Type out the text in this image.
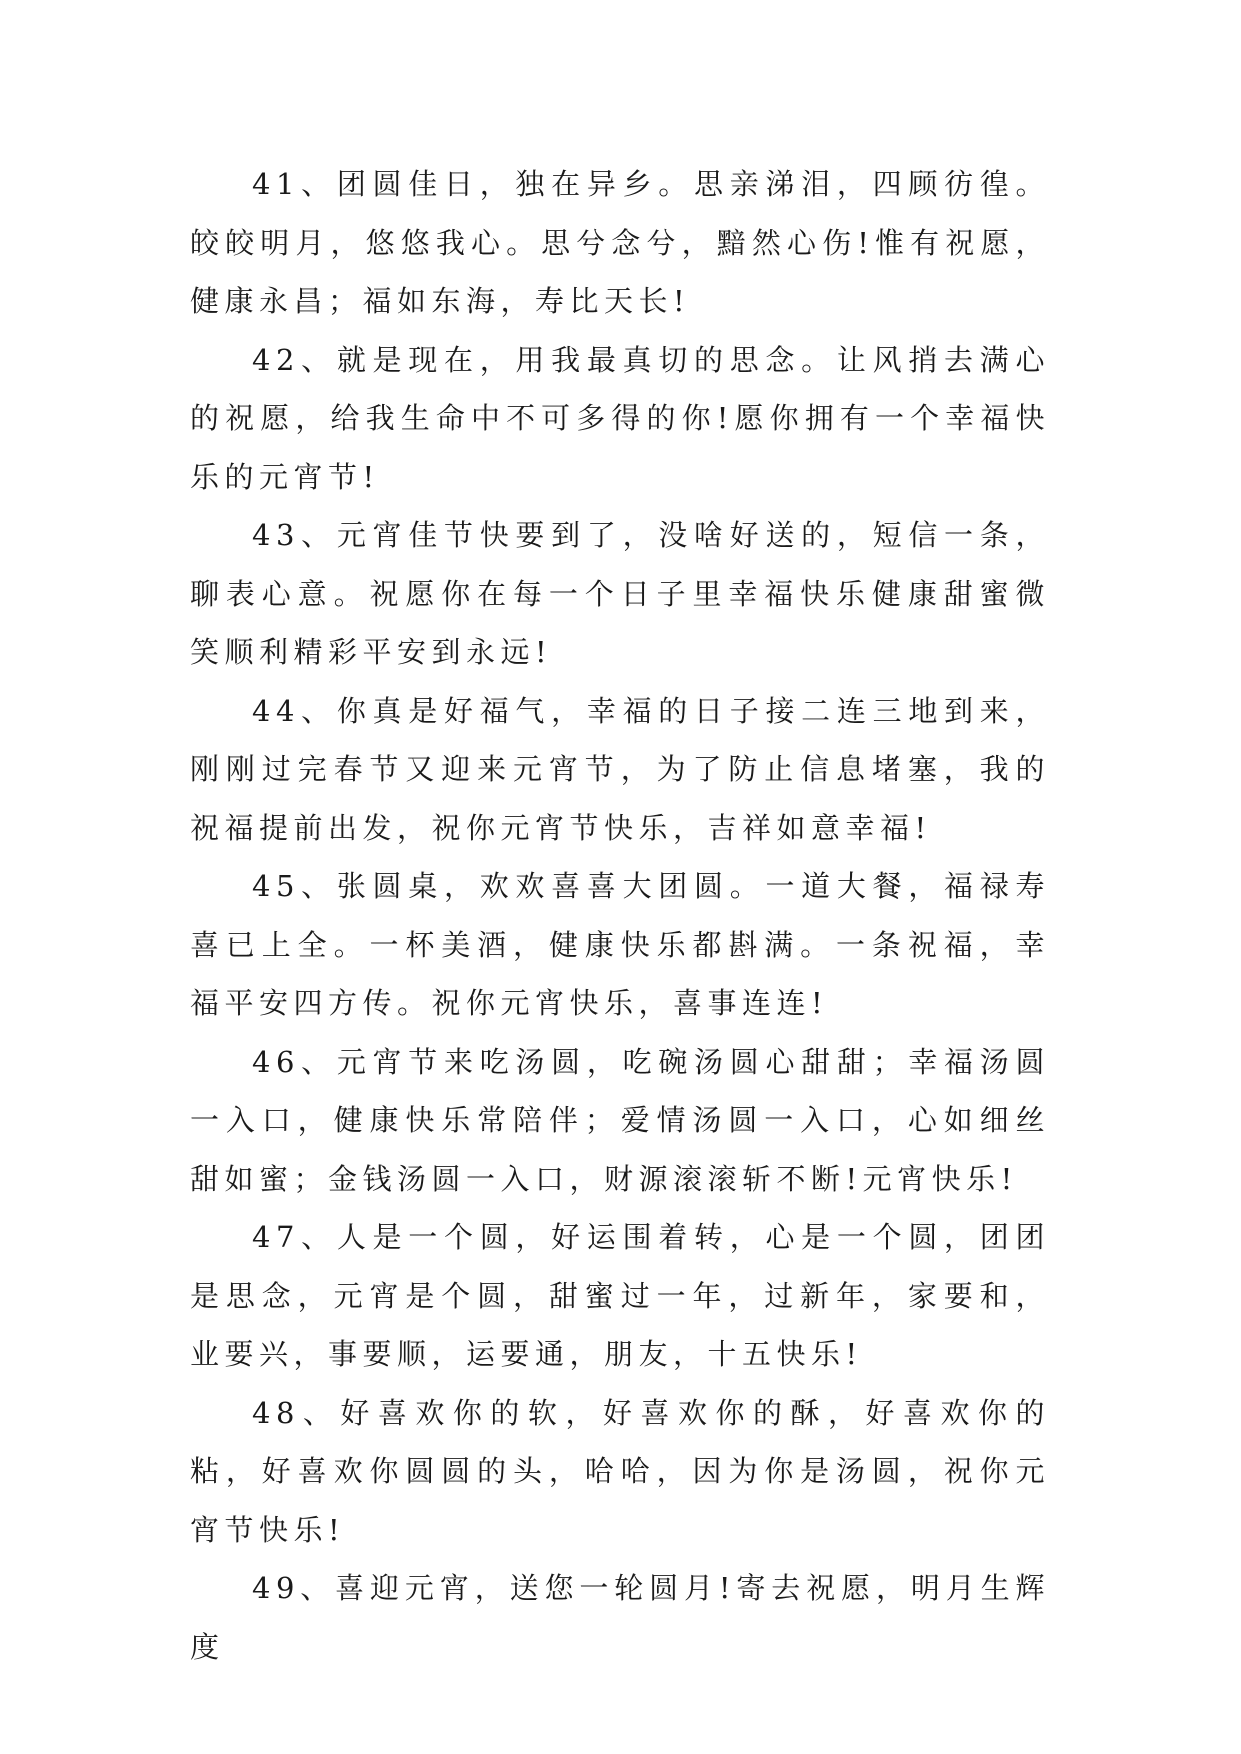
41、团圆佳日，独在异乡。思亲涕泪，四顾彷徨。皎皎明月，悠悠我心。思兮念兮，黯然心伤!惟有祝愿，健康永昌；福如东海，寿比天长!

42、就是现在，用我最真切的思念。让风捎去满心的祝愿，给我生命中不可多得的你!愿你拥有一个幸福快乐的元宵节!

43、元宵佳节快要到了，没啥好送的，短信一条，聊表心意。祝愿你在每一个日子里幸福快乐健康甜蜜微笑顺利精彩平安到永远!

44、你真是好福气，幸福的日子接二连三地到来，刚刚过完春节又迎来元宵节，为了防止信息堵塞，我的祝福提前出发，祝你元宵节快乐，吉祥如意幸福!

45、张圆桌，欢欢喜喜大团圆。一道大餐，福禄寿喜已上全。一杯美酒，健康快乐都斟满。一条祝福，幸福平安四方传。祝你元宵快乐，喜事连连!

46、元宵节来吃汤圆，吃碗汤圆心甜甜；幸福汤圆一入口，健康快乐常陪伴；爱情汤圆一入口，心如细丝甜如蜜；金钱汤圆一入口，财源滚滚斩不断!元宵快乐!

47、人是一个圆，好运围着转，心是一个圆，团团是思念，元宵是个圆，甜蜜过一年，过新年，家要和，业要兴，事要顺，运要通，朋友，十五快乐!

48、好喜欢你的软，好喜欢你的酥，好喜欢你的粘，好喜欢你圆圆的头，哈哈，因为你是汤圆，祝你元宵节快乐!

49、喜迎元宵，送您一轮圆月!寄去祝愿，明月生辉度
